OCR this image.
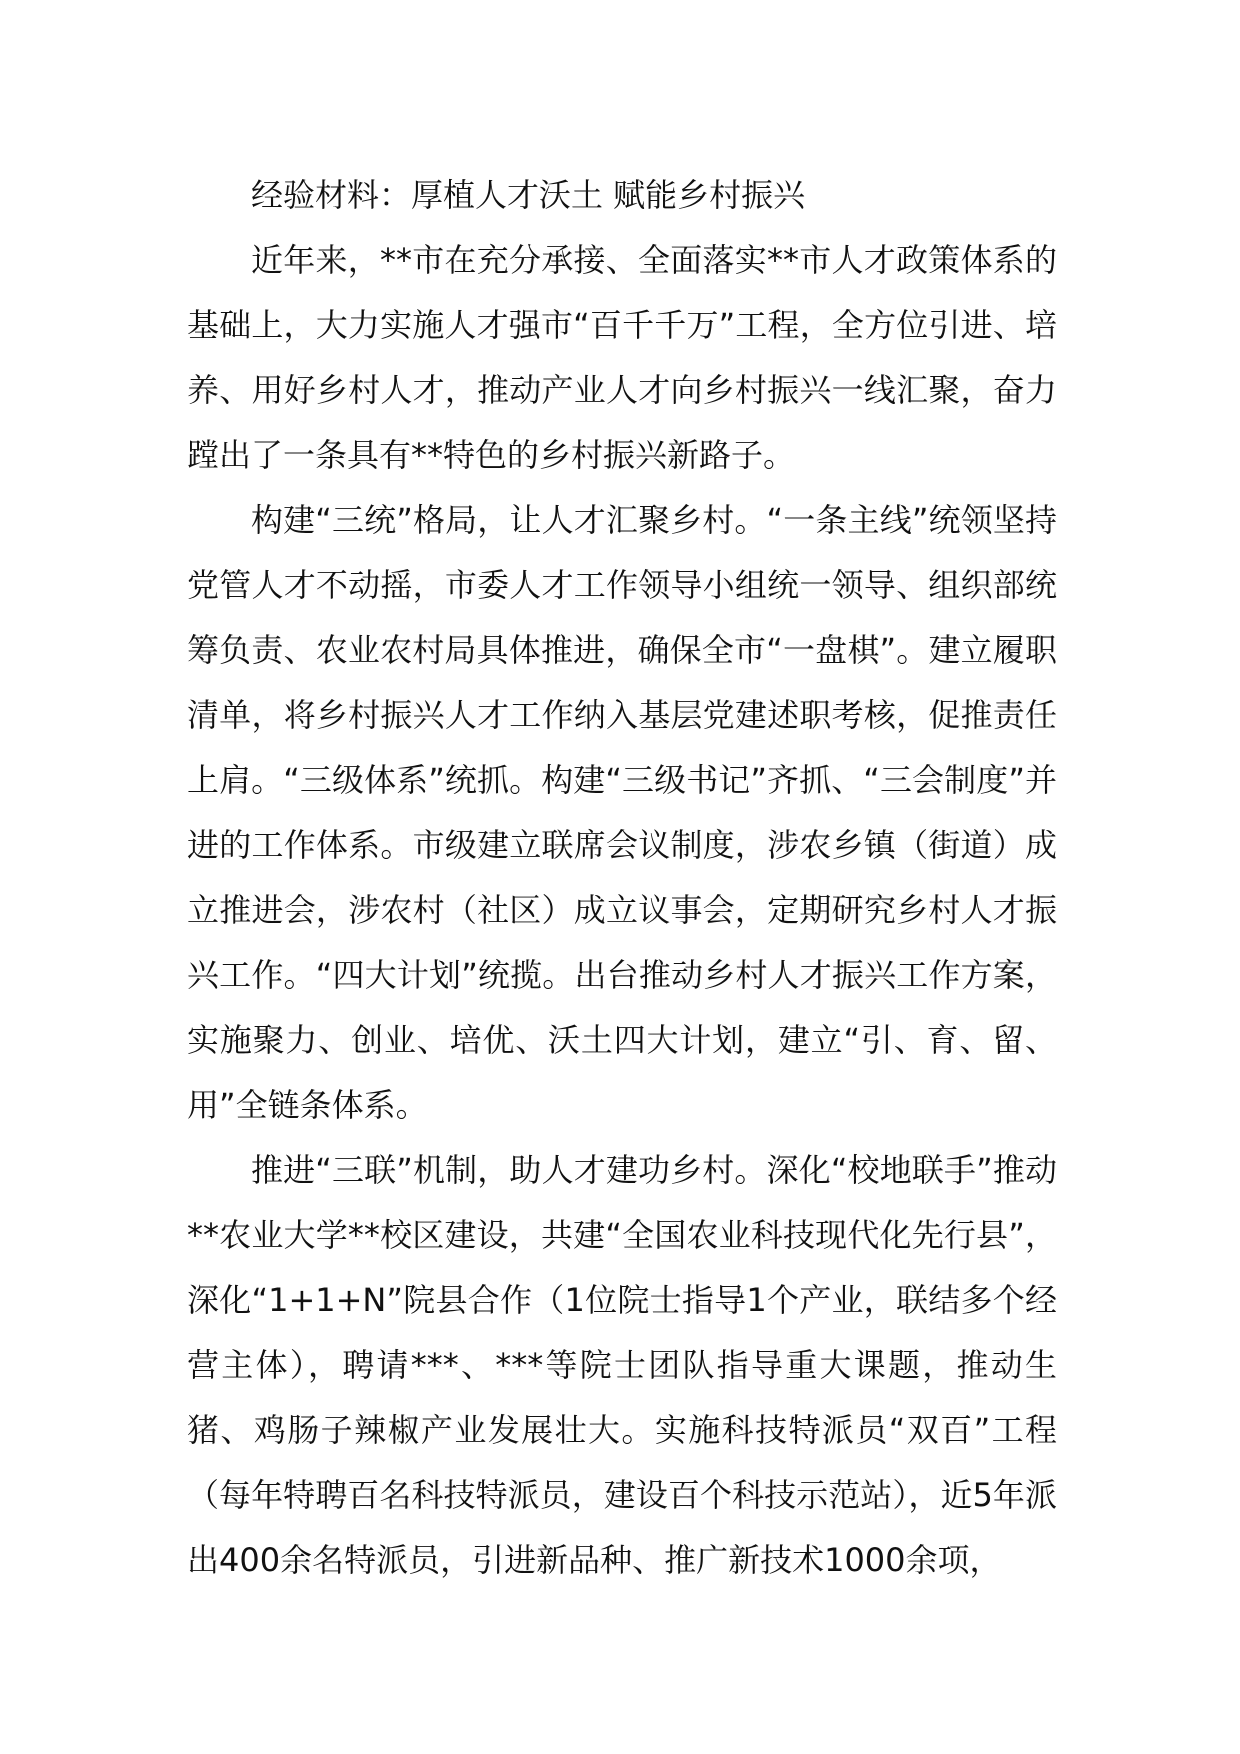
经验材料：厚植人才沃土 赋能乡村振兴

近年来，**市在充分承接、全面落实**市人才政策体系的基础上，大力实施人才强市“百千千万”工程，全方位引进、培养、用好乡村人才，推动产业人才向乡村振兴一线汇聚，奋力蹚出了一条具有**特色的乡村振兴新路子。

构建“三统”格局，让人才汇聚乡村。“一条主线”统领坚持党管人才不动摇，市委人才工作领导小组统一领导、组织部统筹负责、农业农村局具体推进，确保全市“一盘棋”。建立履职清单，将乡村振兴人才工作纳入基层党建述职考核，促推责任上肩。“三级体系”统抓。构建“三级书记”齐抓、“三会制度”并进的工作体系。市级建立联席会议制度，涉农乡镇（街道）成立推进会，涉农村（社区）成立议事会，定期研究乡村人才振兴工作。“四大计划”统揽。出台推动乡村人才振兴工作方案，实施聚力、创业、培优、沃土四大计划，建立“引、育、留、用”全链条体系。

推进“三联”机制，助人才建功乡村。深化“校地联手”推动**农业大学**校区建设，共建“全国农业科技现代化先行县”，深化“1+1+N”院县合作（1位院士指导1个产业，联结多个经营主体），聘请***、***等院士团队指导重大课题，推动生猪、鸡肠子辣椒产业发展壮大。实施科技特派员“双百”工程（每年特聘百名科技特派员，建设百个科技示范站），近5年派出400余名特派员，引进新品种、推广新技术1000余项，
